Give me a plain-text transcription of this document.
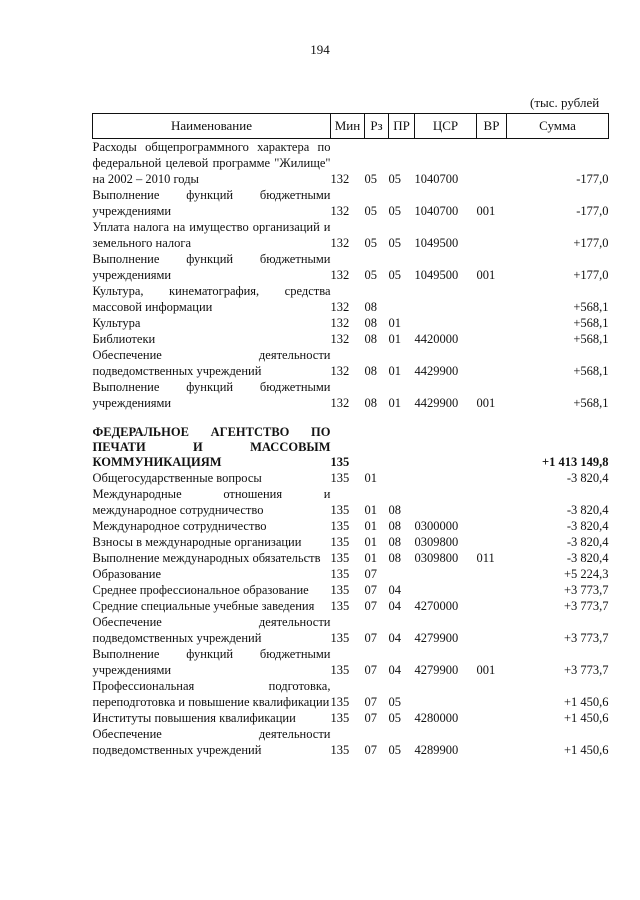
194
(тыс. рублей
Наименование	Мин	Рз	ПР	ЦСР	ВР	Сумма
Расходы общепрограммного характера по федеральной целевой программе "Жилище" на 2002 – 2010 годы	132	05	05	1040700		-177,0
Выполнение функций бюджетными учреждениями	132	05	05	1040700	001	-177,0
Уплата налога на имущество организаций и земельного налога	132	05	05	1049500		+177,0
Выполнение функций бюджетными учреждениями	132	05	05	1049500	001	+177,0
Культура, кинематография, средства массовой информации	132	08				+568,1
Культура	132	08	01			+568,1
Библиотеки	132	08	01	4420000		+568,1
Обеспечение деятельности подведомственных учреждений	132	08	01	4429900		+568,1
Выполнение функций бюджетными учреждениями	132	08	01	4429900	001	+568,1

ФЕДЕРАЛЬНОЕ АГЕНТСТВО ПО ПЕЧАТИ И МАССОВЫМ КОММУНИКАЦИЯМ	135					+1 413 149,8
Общегосударственные вопросы	135	01				-3 820,4
Международные отношения и международное сотрудничество	135	01	08			-3 820,4
Международное сотрудничество	135	01	08	0300000		-3 820,4
Взносы в международные организации	135	01	08	0309800		-3 820,4
Выполнение международных обязательств	135	01	08	0309800	011	-3 820,4
Образование	135	07				+5 224,3
Среднее профессиональное образование	135	07	04			+3 773,7
Средние специальные учебные заведения	135	07	04	4270000		+3 773,7
Обеспечение деятельности подведомственных учреждений	135	07	04	4279900		+3 773,7
Выполнение функций бюджетными учреждениями	135	07	04	4279900	001	+3 773,7
Профессиональная подготовка, переподготовка и повышение квалификации	135	07	05			+1 450,6
Институты повышения квалификации	135	07	05	4280000		+1 450,6
Обеспечение деятельности подведомственных учреждений	135	07	05	4289900		+1 450,6
